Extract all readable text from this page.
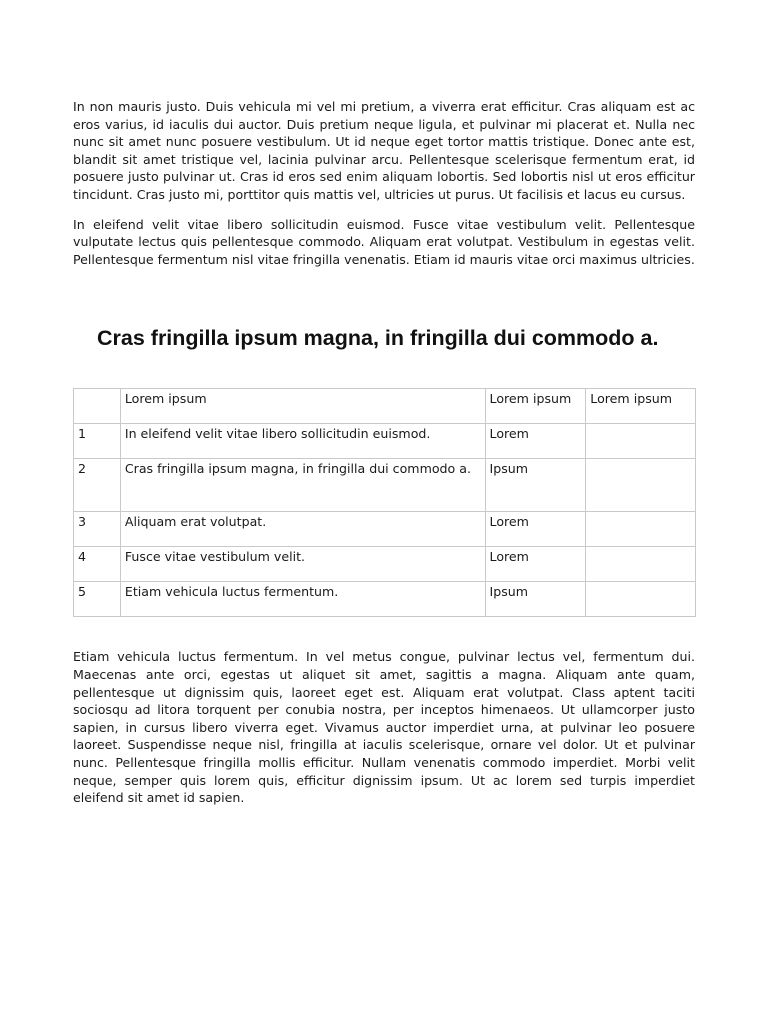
In non mauris justo. Duis vehicula mi vel mi pretium, a viverra erat efficitur. Cras aliquam est ac eros varius, id iaculis dui auctor. Duis pretium neque ligula, et pulvinar mi placerat et. Nulla nec nunc sit amet nunc posuere vestibulum. Ut id neque eget tortor mattis tristique. Donec ante est, blandit sit amet tristique vel, lacinia pulvinar arcu. Pellentesque scelerisque fermentum erat, id posuere justo pulvinar ut. Cras id eros sed enim aliquam lobortis. Sed lobortis nisl ut eros efficitur tincidunt. Cras justo mi, porttitor quis mattis vel, ultricies ut purus. Ut facilisis et lacus eu cursus.

In eleifend velit vitae libero sollicitudin euismod. Fusce vitae vestibulum velit. Pellentesque vulputate lectus quis pellentesque commodo. Aliquam erat volutpat. Vestibulum in egestas velit. Pellentesque fermentum nisl vitae fringilla venenatis. Etiam id mauris vitae orci maximus ultricies.

Cras fringilla ipsum magna, in fringilla dui commodo a.
	Lorem ipsum	Lorem ipsum	Lorem ipsum
1	In eleifend velit vitae libero sollicitudin euismod.	Lorem	
2	Cras fringilla ipsum magna, in fringilla dui commodo a.	Ipsum	
3	Aliquam erat volutpat.	Lorem	
4	Fusce vitae vestibulum velit.	Lorem	
5	Etiam vehicula luctus fermentum.	Ipsum	

Etiam vehicula luctus fermentum. In vel metus congue, pulvinar lectus vel, fermentum dui. Maecenas ante orci, egestas ut aliquet sit amet, sagittis a magna. Aliquam ante quam, pellentesque ut dignissim quis, laoreet eget est. Aliquam erat volutpat. Class aptent taciti sociosqu ad litora torquent per conubia nostra, per inceptos himenaeos. Ut ullamcorper justo sapien, in cursus libero viverra eget. Vivamus auctor imperdiet urna, at pulvinar leo posuere laoreet. Suspendisse neque nisl, fringilla at iaculis scelerisque, ornare vel dolor. Ut et pulvinar nunc. Pellentesque fringilla mollis efficitur. Nullam venenatis commodo imperdiet. Morbi velit neque, semper quis lorem quis, efficitur dignissim ipsum. Ut ac lorem sed turpis imperdiet eleifend sit amet id sapien.
